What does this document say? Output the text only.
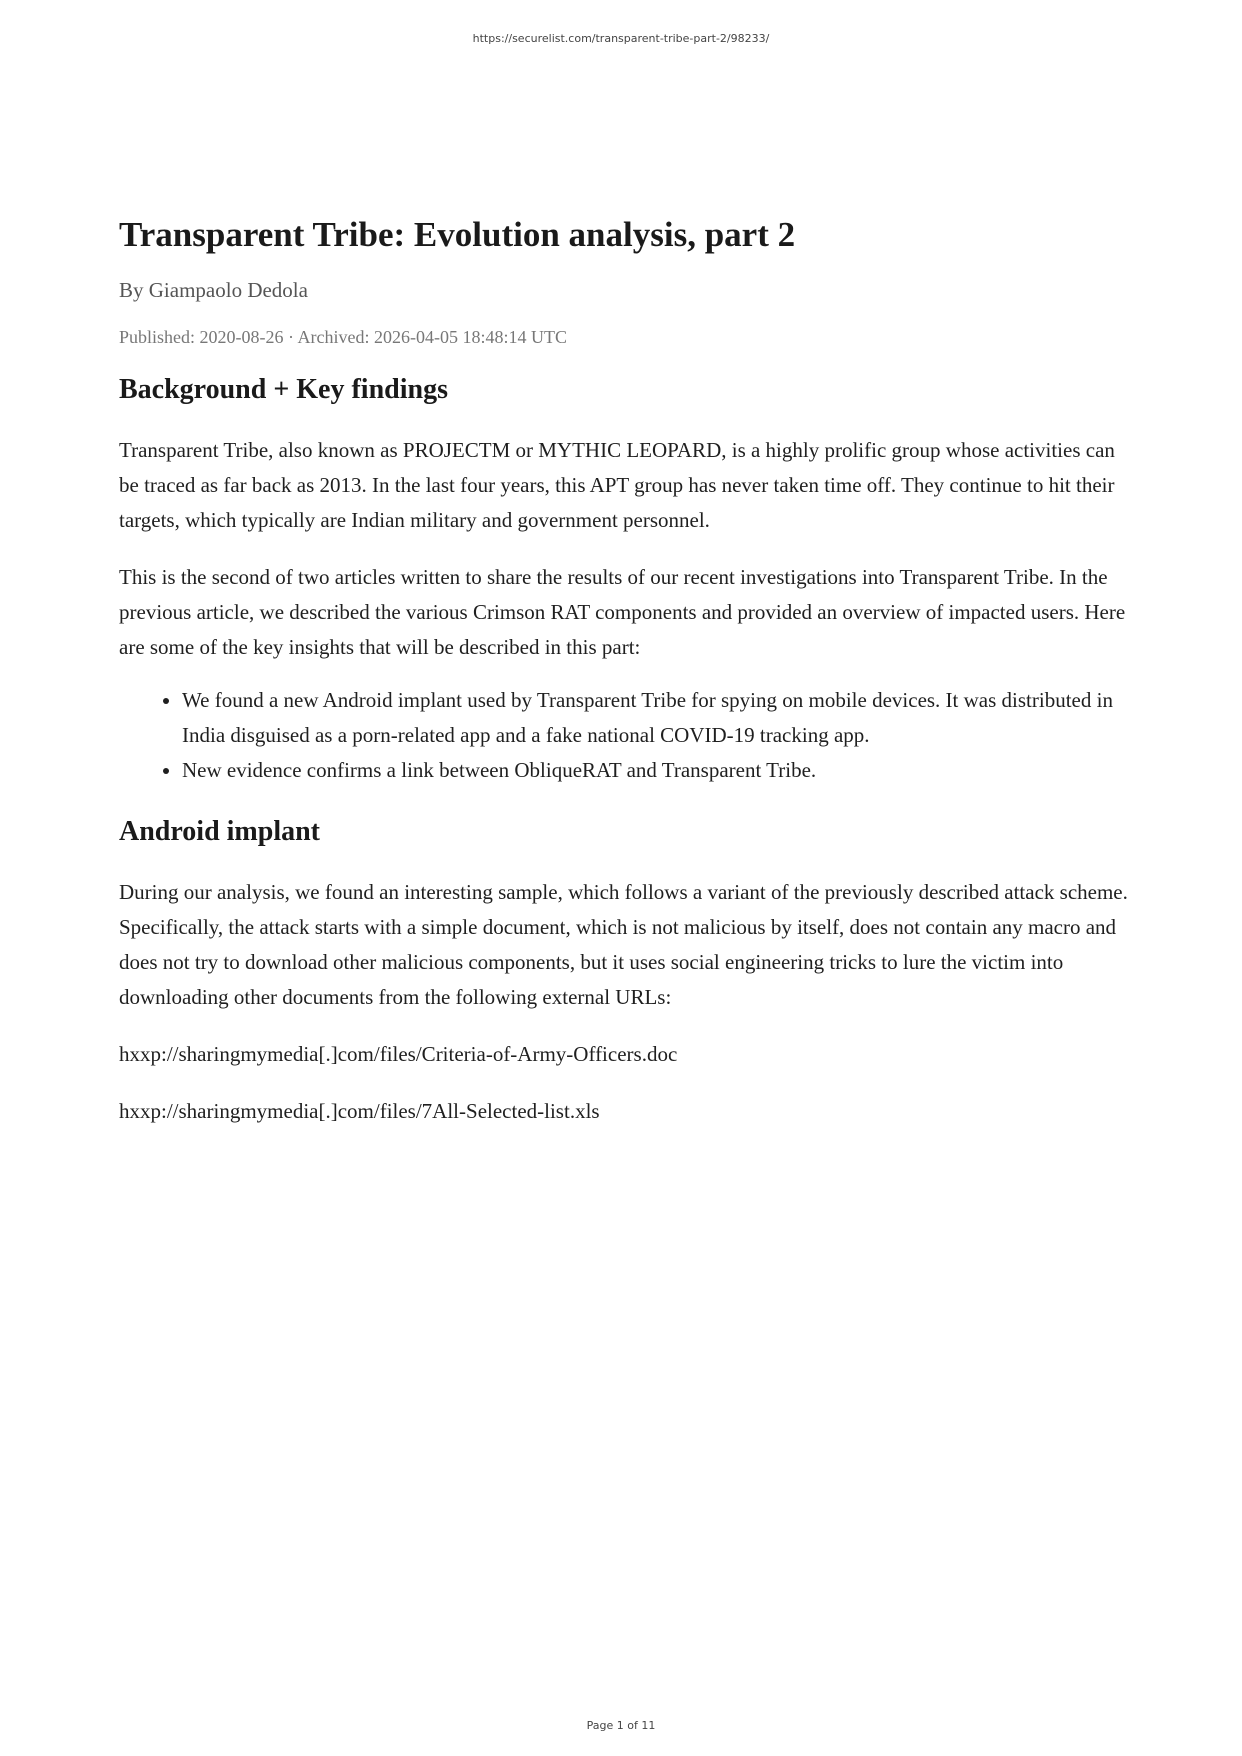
https://securelist.com/transparent-tribe-part-2/98233/
Transparent Tribe: Evolution analysis, part 2
By Giampaolo Dedola
Published: 2020-08-26 · Archived: 2026-04-05 18:48:14 UTC
Background + Key findings

Transparent Tribe, also known as PROJECTM or MYTHIC LEOPARD, is a highly prolific group whose activities can be traced as far back as 2013. In the last four years, this APT group has never taken time off. They continue to hit their targets, which typically are Indian military and government personnel.

This is the second of two articles written to share the results of our recent investigations into Transparent Tribe. In the previous article, we described the various Crimson RAT components and provided an overview of impacted users. Here are some of the key insights that will be described in this part:

• We found a new Android implant used by Transparent Tribe for spying on mobile devices. It was distributed in India disguised as a porn-related app and a fake national COVID-19 tracking app.
• New evidence confirms a link between ObliqueRAT and Transparent Tribe.
Android implant

During our analysis, we found an interesting sample, which follows a variant of the previously described attack scheme. Specifically, the attack starts with a simple document, which is not malicious by itself, does not contain any macro and does not try to download other malicious components, but it uses social engineering tricks to lure the victim into downloading other documents from the following external URLs:

hxxp://sharingmymedia[.]com/files/Criteria-of-Army-Officers.doc

hxxp://sharingmymedia[.]com/files/7All-Selected-list.xls

Page 1 of 11
